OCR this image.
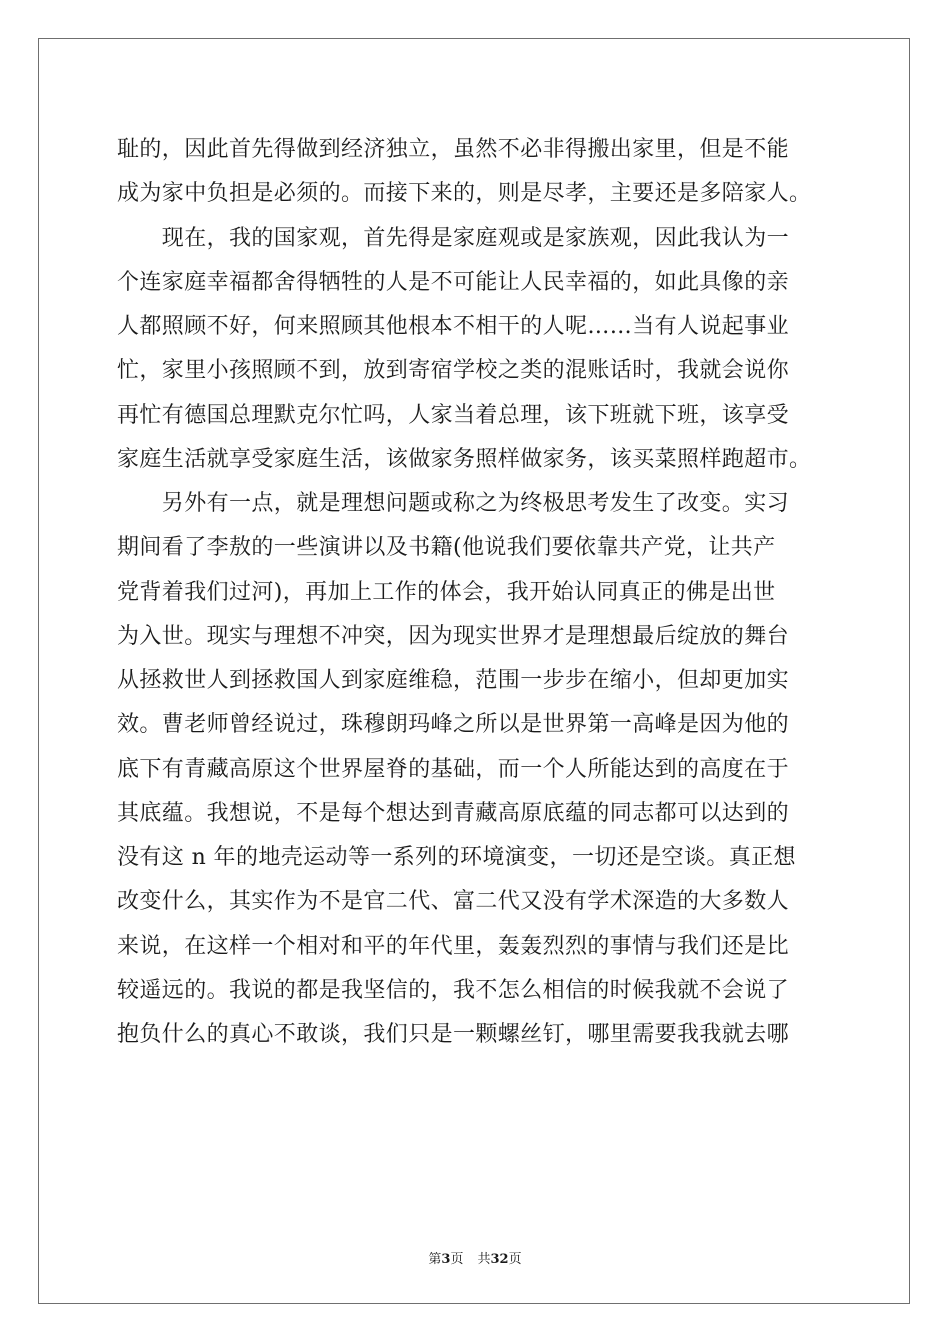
耻的，因此首先得做到经济独立，虽然不必非得搬出家里，但是不能
成为家中负担是必须的。而接下来的，则是尽孝，主要还是多陪家人。
　　现在，我的国家观，首先得是家庭观或是家族观，因此我认为一
个连家庭幸福都舍得牺牲的人是不可能让人民幸福的，如此具像的亲
人都照顾不好，何来照顾其他根本不相干的人呢……当有人说起事业
忙，家里小孩照顾不到，放到寄宿学校之类的混账话时，我就会说你
再忙有德国总理默克尔忙吗，人家当着总理，该下班就下班，该享受
家庭生活就享受家庭生活，该做家务照样做家务，该买菜照样跑超市。
　　另外有一点，就是理想问题或称之为终极思考发生了改变。实习
期间看了李敖的一些演讲以及书籍(他说我们要依靠共产党，让共产
党背着我们过河)，再加上工作的体会，我开始认同真正的佛是出世
为入世。现实与理想不冲突，因为现实世界才是理想最后绽放的舞台
从拯救世人到拯救国人到家庭维稳，范围一步步在缩小，但却更加实
效。曹老师曾经说过，珠穆朗玛峰之所以是世界第一高峰是因为他的
底下有青藏高原这个世界屋脊的基础，而一个人所能达到的高度在于
其底蕴。我想说，不是每个想达到青藏高原底蕴的同志都可以达到的
没有这 n 年的地壳运动等一系列的环境演变，一切还是空谈。真正想
改变什么，其实作为不是官二代、富二代又没有学术深造的大多数人
来说，在这样一个相对和平的年代里，轰轰烈烈的事情与我们还是比
较遥远的。我说的都是我坚信的，我不怎么相信的时候我就不会说了
抱负什么的真心不敢谈，我们只是一颗螺丝钉，哪里需要我我就去哪
第3页 共32页
